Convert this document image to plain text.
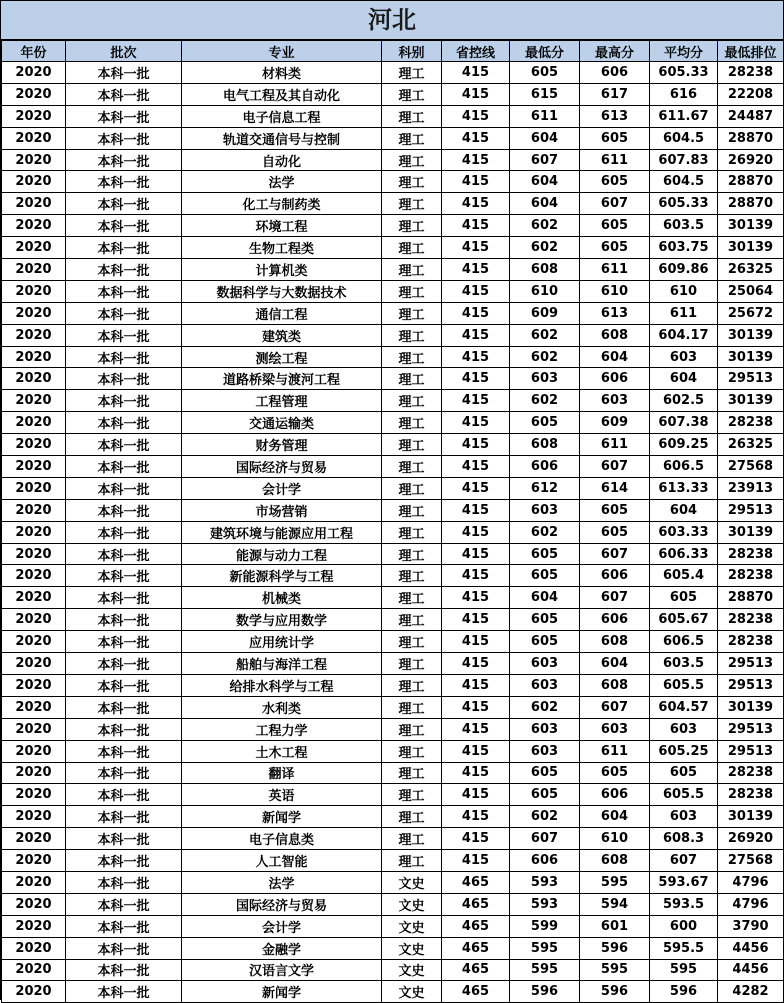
河北
年份	批次	专业	科别	省控线	最低分	最高分	平均分	最低排位
2020	本科一批	材料类	理工	415	605	606	605.33	28238
2020	本科一批	电气工程及其自动化	理工	415	615	617	616	22208
2020	本科一批	电子信息工程	理工	415	611	613	611.67	24487
2020	本科一批	轨道交通信号与控制	理工	415	604	605	604.5	28870
2020	本科一批	自动化	理工	415	607	611	607.83	26920
2020	本科一批	法学	理工	415	604	605	604.5	28870
2020	本科一批	化工与制药类	理工	415	604	607	605.33	28870
2020	本科一批	环境工程	理工	415	602	605	603.5	30139
2020	本科一批	生物工程类	理工	415	602	605	603.75	30139
2020	本科一批	计算机类	理工	415	608	611	609.86	26325
2020	本科一批	数据科学与大数据技术	理工	415	610	610	610	25064
2020	本科一批	通信工程	理工	415	609	613	611	25672
2020	本科一批	建筑类	理工	415	602	608	604.17	30139
2020	本科一批	测绘工程	理工	415	602	604	603	30139
2020	本科一批	道路桥梁与渡河工程	理工	415	603	606	604	29513
2020	本科一批	工程管理	理工	415	602	603	602.5	30139
2020	本科一批	交通运输类	理工	415	605	609	607.38	28238
2020	本科一批	财务管理	理工	415	608	611	609.25	26325
2020	本科一批	国际经济与贸易	理工	415	606	607	606.5	27568
2020	本科一批	会计学	理工	415	612	614	613.33	23913
2020	本科一批	市场营销	理工	415	603	605	604	29513
2020	本科一批	建筑环境与能源应用工程	理工	415	602	605	603.33	30139
2020	本科一批	能源与动力工程	理工	415	605	607	606.33	28238
2020	本科一批	新能源科学与工程	理工	415	605	606	605.4	28238
2020	本科一批	机械类	理工	415	604	607	605	28870
2020	本科一批	数学与应用数学	理工	415	605	606	605.67	28238
2020	本科一批	应用统计学	理工	415	605	608	606.5	28238
2020	本科一批	船舶与海洋工程	理工	415	603	604	603.5	29513
2020	本科一批	给排水科学与工程	理工	415	603	608	605.5	29513
2020	本科一批	水利类	理工	415	602	607	604.57	30139
2020	本科一批	工程力学	理工	415	603	603	603	29513
2020	本科一批	土木工程	理工	415	603	611	605.25	29513
2020	本科一批	翻译	理工	415	605	605	605	28238
2020	本科一批	英语	理工	415	605	606	605.5	28238
2020	本科一批	新闻学	理工	415	602	604	603	30139
2020	本科一批	电子信息类	理工	415	607	610	608.3	26920
2020	本科一批	人工智能	理工	415	606	608	607	27568
2020	本科一批	法学	文史	465	593	595	593.67	4796
2020	本科一批	国际经济与贸易	文史	465	593	594	593.5	4796
2020	本科一批	会计学	文史	465	599	601	600	3790
2020	本科一批	金融学	文史	465	595	596	595.5	4456
2020	本科一批	汉语言文学	文史	465	595	595	595	4456
2020	本科一批	新闻学	文史	465	596	596	596	4282
